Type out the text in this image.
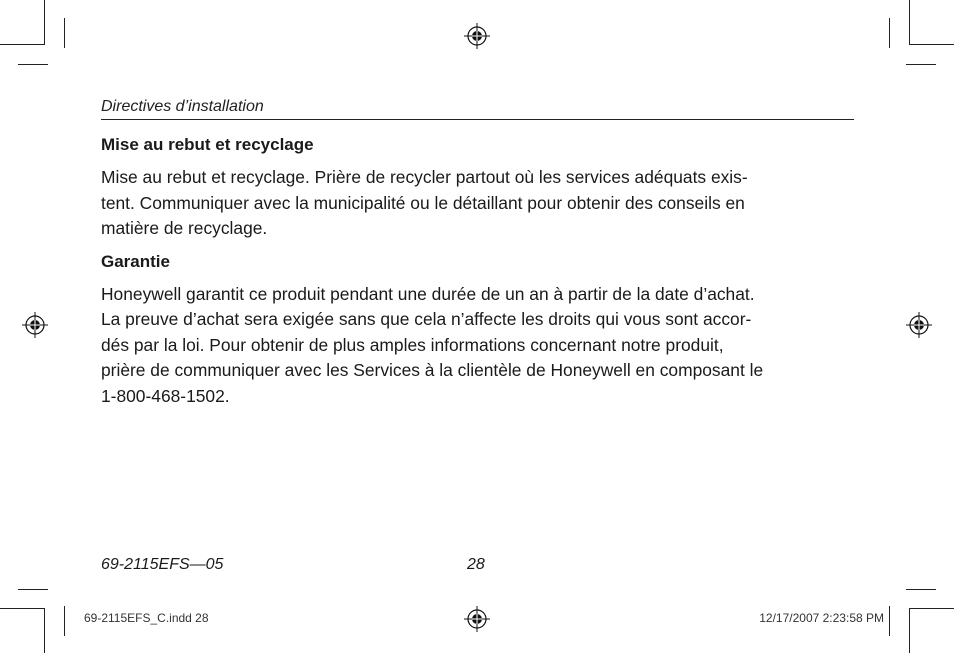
Directives d’installation
Mise au rebut et recyclage
Mise au rebut et recyclage. Prière de recycler partout où les services adéquats exis-
tent. Communiquer avec la municipalité ou le détaillant pour obtenir des conseils en
matière de recyclage.
Garantie
Honeywell garantit ce produit pendant une durée de un an à partir de la date d’achat.
La preuve d’achat sera exigée sans que cela n’affecte les droits qui vous sont accor-
dés par la loi. Pour obtenir de plus amples informations concernant notre produit,
prière de communiquer avec les Services à la clientèle de Honeywell en composant le
1-800-468-1502.
69-2115EFS—05	28
69-2115EFS_C.indd 28	12/17/2007 2:23:58 PM
